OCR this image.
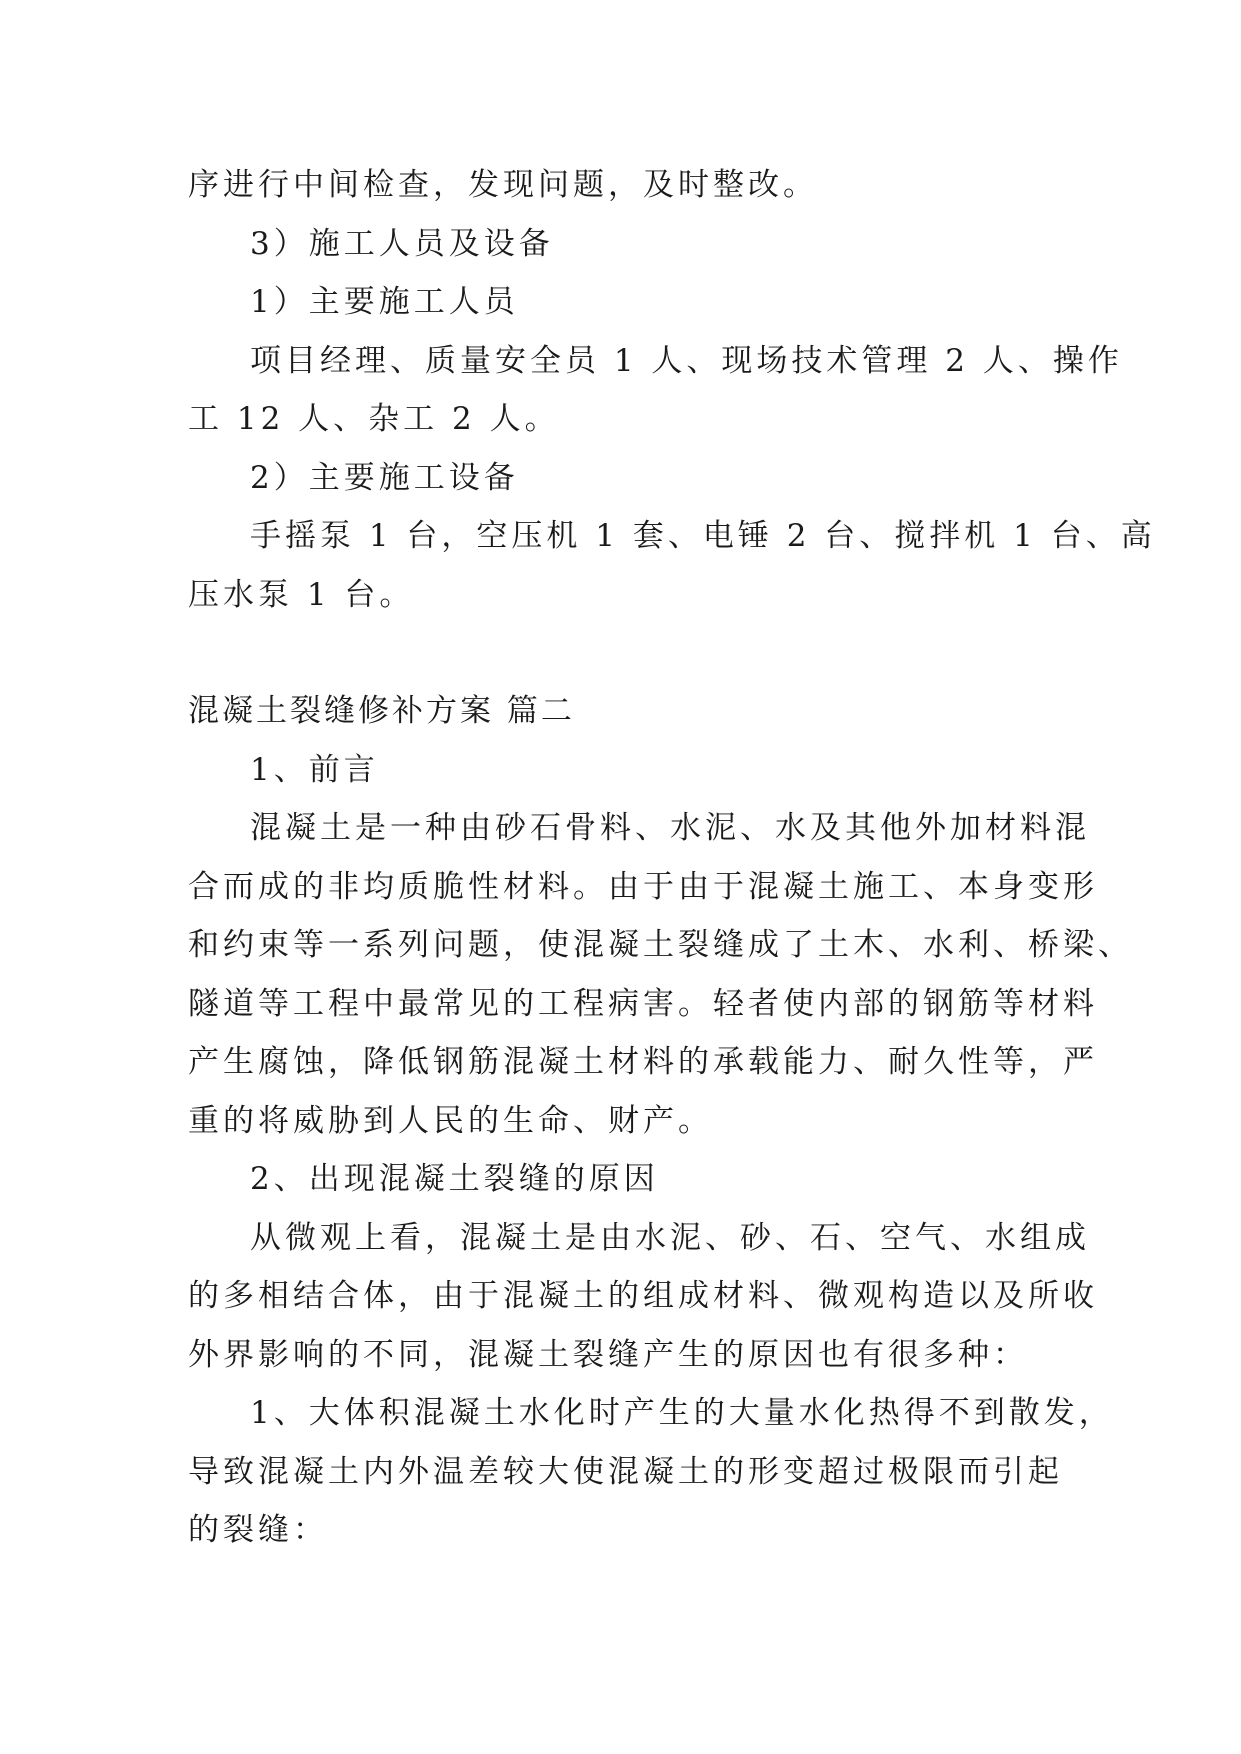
序进行中间检查，发现问题，及时整改。
3）施工人员及设备
1）主要施工人员
项目经理、质量安全员 1 人、现场技术管理 2 人、操作
工 12 人、杂工 2 人。
2）主要施工设备
手摇泵 1 台，空压机 1 套、电锤 2 台、搅拌机 1 台、高
压水泵 1 台。
混凝土裂缝修补方案 篇二
1、前言
混凝土是一种由砂石骨料、水泥、水及其他外加材料混
合而成的非均质脆性材料。由于由于混凝土施工、本身变形
和约束等一系列问题，使混凝土裂缝成了土木、水利、桥梁、
隧道等工程中最常见的工程病害。轻者使内部的钢筋等材料
产生腐蚀，降低钢筋混凝土材料的承载能力、耐久性等，严
重的将威胁到人民的生命、财产。
2、出现混凝土裂缝的原因
从微观上看，混凝土是由水泥、砂、石、空气、水组成
的多相结合体，由于混凝土的组成材料、微观构造以及所收
外界影响的不同，混凝土裂缝产生的原因也有很多种：
1、大体积混凝土水化时产生的大量水化热得不到散发，
导致混凝土内外温差较大使混凝土的形变超过极限而引起
的裂缝：
